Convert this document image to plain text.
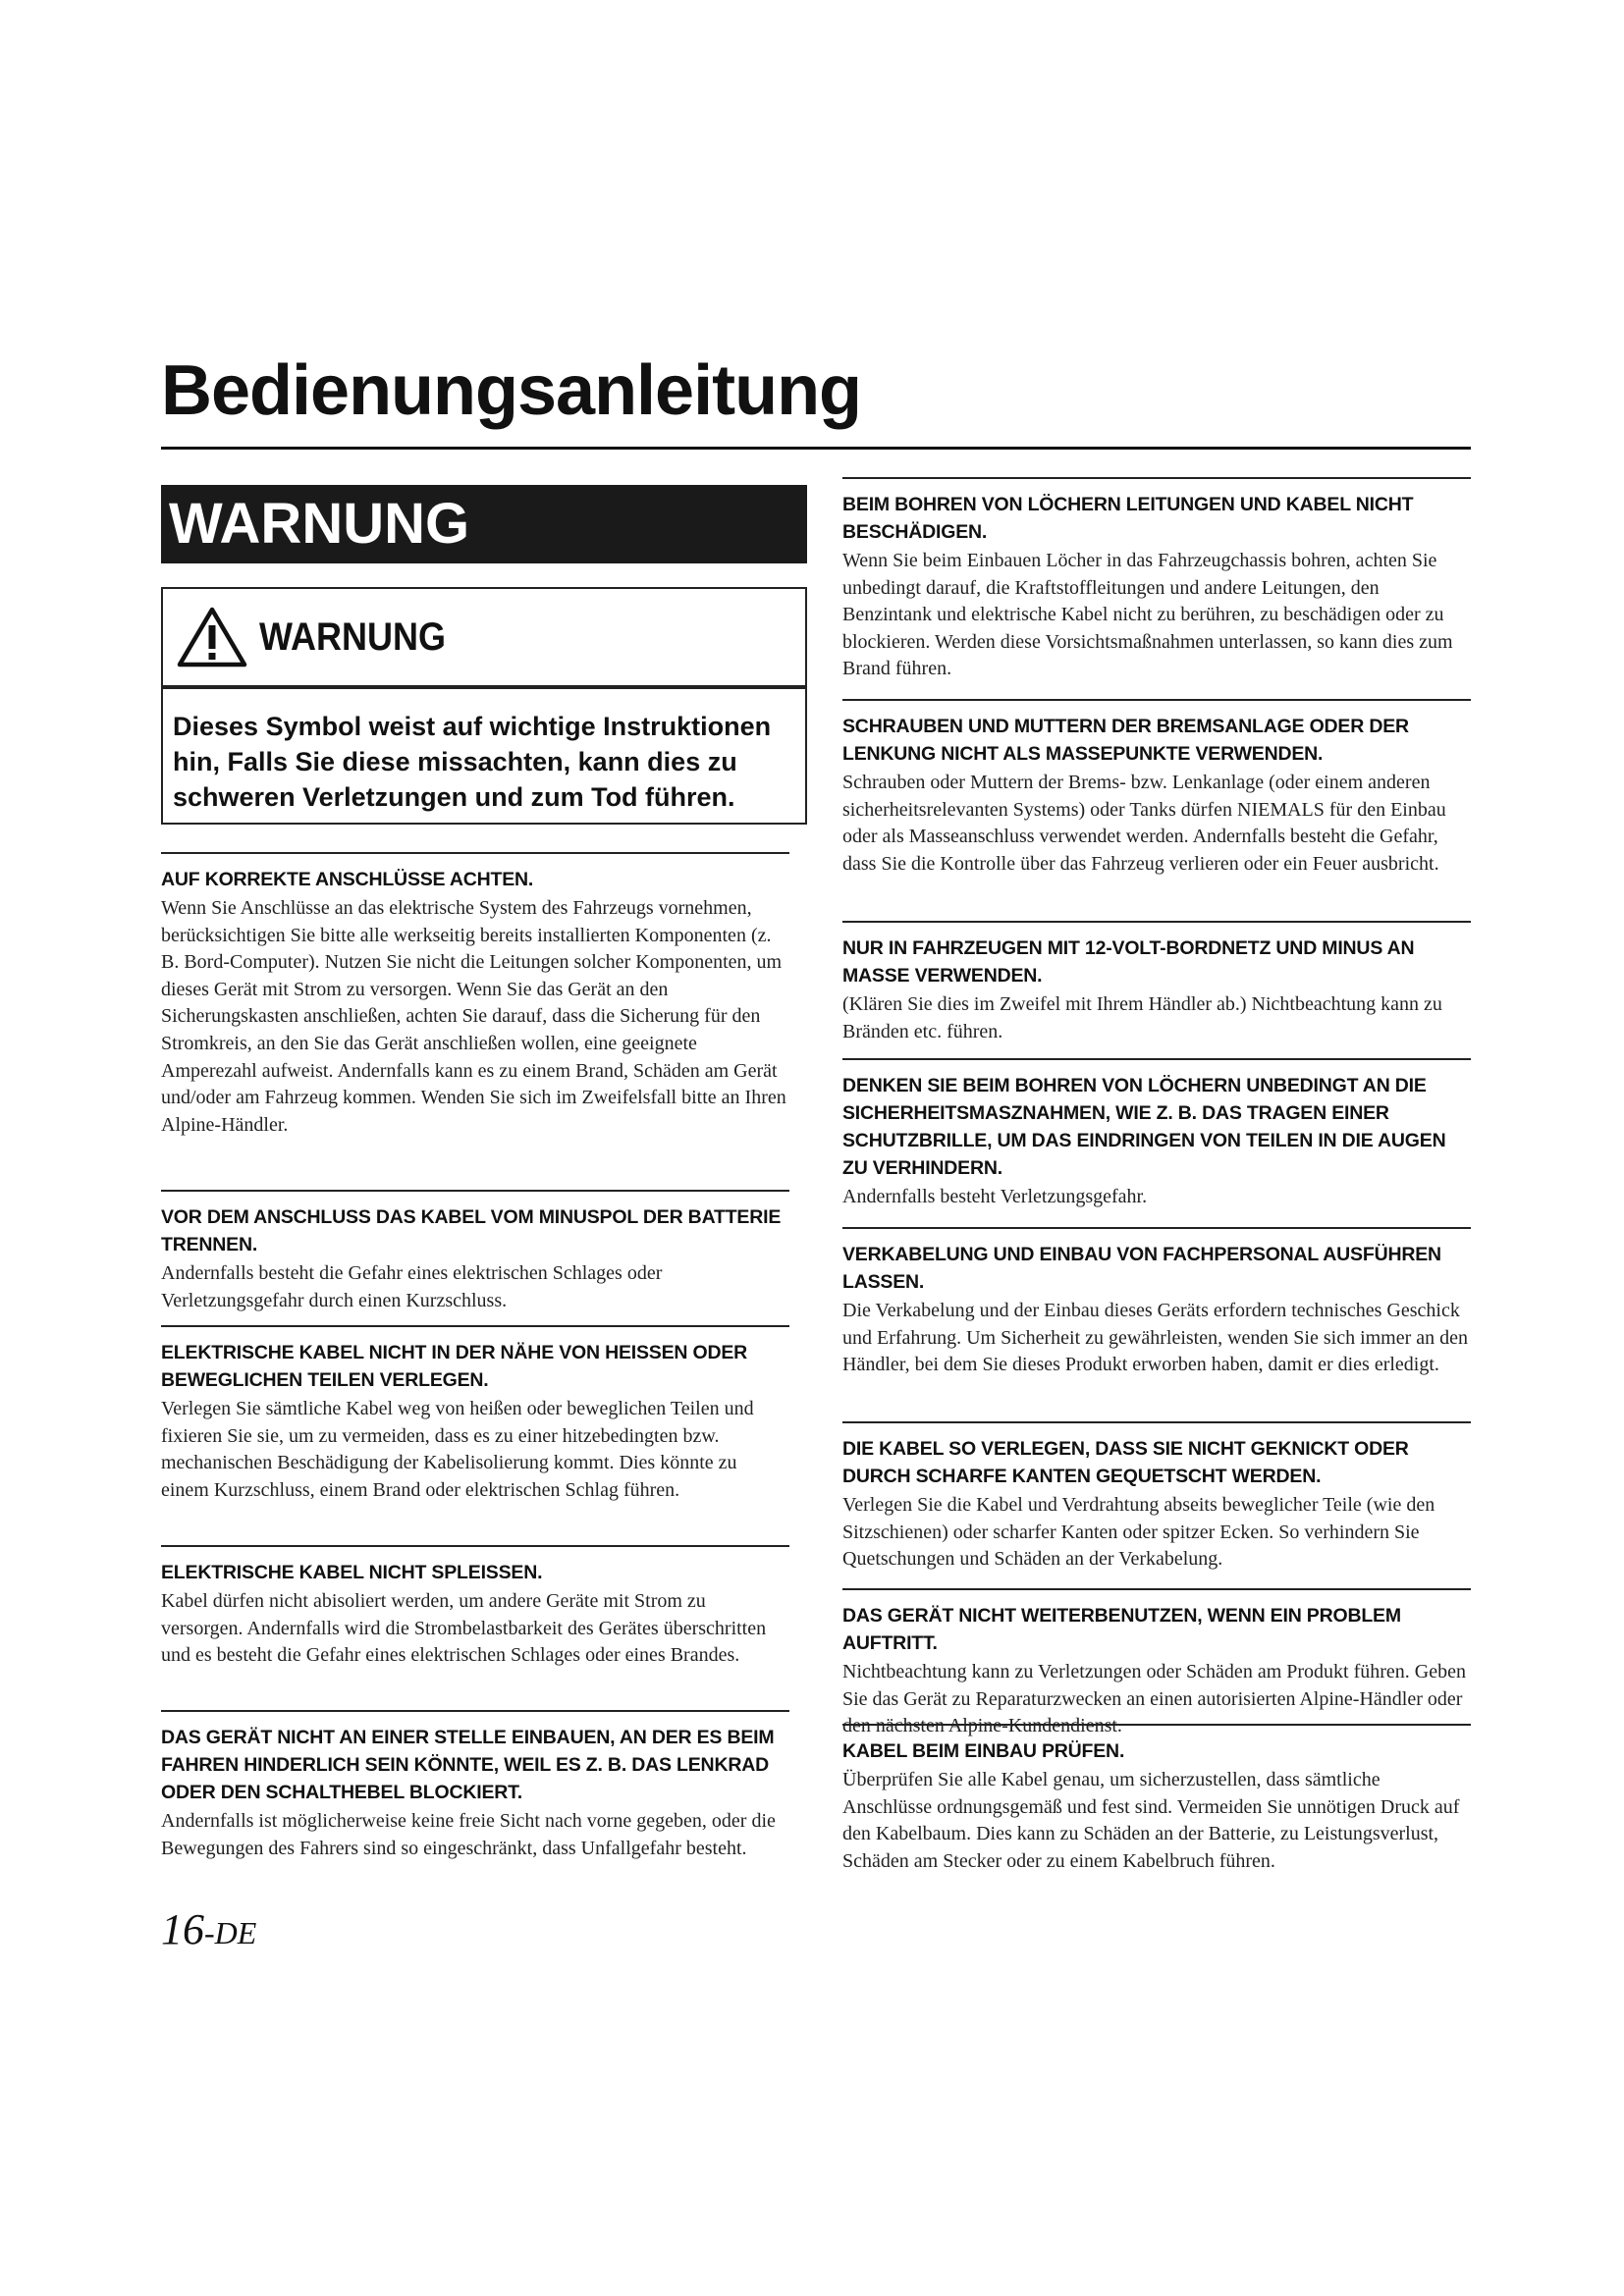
Bedienungsanleitung
WARNUNG
WARNUNG
Dieses Symbol weist auf wichtige Instruktionen hin, Falls Sie diese missachten, kann dies zu schweren Verletzungen und zum Tod führen.
AUF KORREKTE ANSCHLÜSSE ACHTEN.
Wenn Sie Anschlüsse an das elektrische System des Fahrzeugs vornehmen, berücksichtigen Sie bitte alle werkseitig bereits installierten Komponenten (z. B. Bord-Computer). Nutzen Sie nicht die Leitungen solcher Komponenten, um dieses Gerät mit Strom zu versorgen. Wenn Sie das Gerät an den Sicherungskasten anschließen, achten Sie darauf, dass die Sicherung für den Stromkreis, an den Sie das Gerät anschließen wollen, eine geeignete Amperezahl aufweist. Andernfalls kann es zu einem Brand, Schäden am Gerät und/oder am Fahrzeug kommen. Wenden Sie sich im Zweifelsfall bitte an Ihren Alpine-Händler.
VOR DEM ANSCHLUSS DAS KABEL VOM MINUSPOL DER BATTERIE TRENNEN.
Andernfalls besteht die Gefahr eines elektrischen Schlages oder Verletzungsgefahr durch einen Kurzschluss.
ELEKTRISCHE KABEL NICHT IN DER NÄHE VON HEISSEN ODER BEWEGLICHEN TEILEN VERLEGEN.
Verlegen Sie sämtliche Kabel weg von heißen oder beweglichen Teilen und fixieren Sie sie, um zu vermeiden, dass es zu einer hitzebedingten bzw. mechanischen Beschädigung der Kabelisolierung kommt. Dies könnte zu einem Kurzschluss, einem Brand oder elektrischen Schlag führen.
ELEKTRISCHE KABEL NICHT SPLEISSEN.
Kabel dürfen nicht abisoliert werden, um andere Geräte mit Strom zu versorgen. Andernfalls wird die Strombelastbarkeit des Gerätes überschritten und es besteht die Gefahr eines elektrischen Schlages oder eines Brandes.
DAS GERÄT NICHT AN EINER STELLE EINBAUEN, AN DER ES BEIM FAHREN HINDERLICH SEIN KÖNNTE, WEIL ES Z. B. DAS LENKRAD ODER DEN SCHALTHEBEL BLOCKIERT.
Andernfalls ist möglicherweise keine freie Sicht nach vorne gegeben, oder die Bewegungen des Fahrers sind so eingeschränkt, dass Unfallgefahr besteht.
BEIM BOHREN VON LÖCHERN LEITUNGEN UND KABEL NICHT BESCHÄDIGEN.
Wenn Sie beim Einbauen Löcher in das Fahrzeugchassis bohren, achten Sie unbedingt darauf, die Kraftstoffleitungen und andere Leitungen, den Benzintank und elektrische Kabel nicht zu berühren, zu beschädigen oder zu blockieren. Werden diese Vorsichtsmaßnahmen unterlassen, so kann dies zum Brand führen.
SCHRAUBEN UND MUTTERN DER BREMSANLAGE ODER DER LENKUNG NICHT ALS MASSEPUNKTE VERWENDEN.
Schrauben oder Muttern der Brems- bzw. Lenkanlage (oder einem anderen sicherheitsrelevanten Systems) oder Tanks dürfen NIEMALS für den Einbau oder als Masseanschluss verwendet werden. Andernfalls besteht die Gefahr, dass Sie die Kontrolle über das Fahrzeug verlieren oder ein Feuer ausbricht.
NUR IN FAHRZEUGEN MIT 12-VOLT-BORDNETZ UND MINUS AN MASSE VERWENDEN.
(Klären Sie dies im Zweifel mit Ihrem Händler ab.) Nichtbeachtung kann zu Bränden etc. führen.
DENKEN SIE BEIM BOHREN VON LÖCHERN UNBEDINGT AN DIE SICHERHEITSMASZNAHMEN, WIE Z. B. DAS TRAGEN EINER SCHUTZBRILLE, UM DAS EINDRINGEN VON TEILEN IN DIE AUGEN ZU VERHINDERN.
Andernfalls besteht Verletzungsgefahr.
VERKABELUNG UND EINBAU VON FACHPERSONAL AUSFÜHREN LASSEN.
Die Verkabelung und der Einbau dieses Geräts erfordern technisches Geschick und Erfahrung. Um Sicherheit zu gewährleisten, wenden Sie sich immer an den Händler, bei dem Sie dieses Produkt erworben haben, damit er dies erledigt.
DIE KABEL SO VERLEGEN, DASS SIE NICHT GEKNICKT ODER DURCH SCHARFE KANTEN GEQUETSCHT WERDEN.
Verlegen Sie die Kabel und Verdrahtung abseits beweglicher Teile (wie den Sitzschienen) oder scharfer Kanten oder spitzer Ecken. So verhindern Sie Quetschungen und Schäden an der Verkabelung.
DAS GERÄT NICHT WEITERBENUTZEN, WENN EIN PROBLEM AUFTRITT.
Nichtbeachtung kann zu Verletzungen oder Schäden am Produkt führen. Geben Sie das Gerät zu Reparaturzwecken an einen autorisierten Alpine-Händler oder den nächsten Alpine-Kundendienst.
KABEL BEIM EINBAU PRÜFEN.
Überprüfen Sie alle Kabel genau, um sicherzustellen, dass sämtliche Anschlüsse ordnungsgemäß und fest sind. Vermeiden Sie unnötigen Druck auf den Kabelbaum. Dies kann zu Schäden an der Batterie, zu Leistungsverlust, Schäden am Stecker oder zu einem Kabelbruch führen.
16-DE
